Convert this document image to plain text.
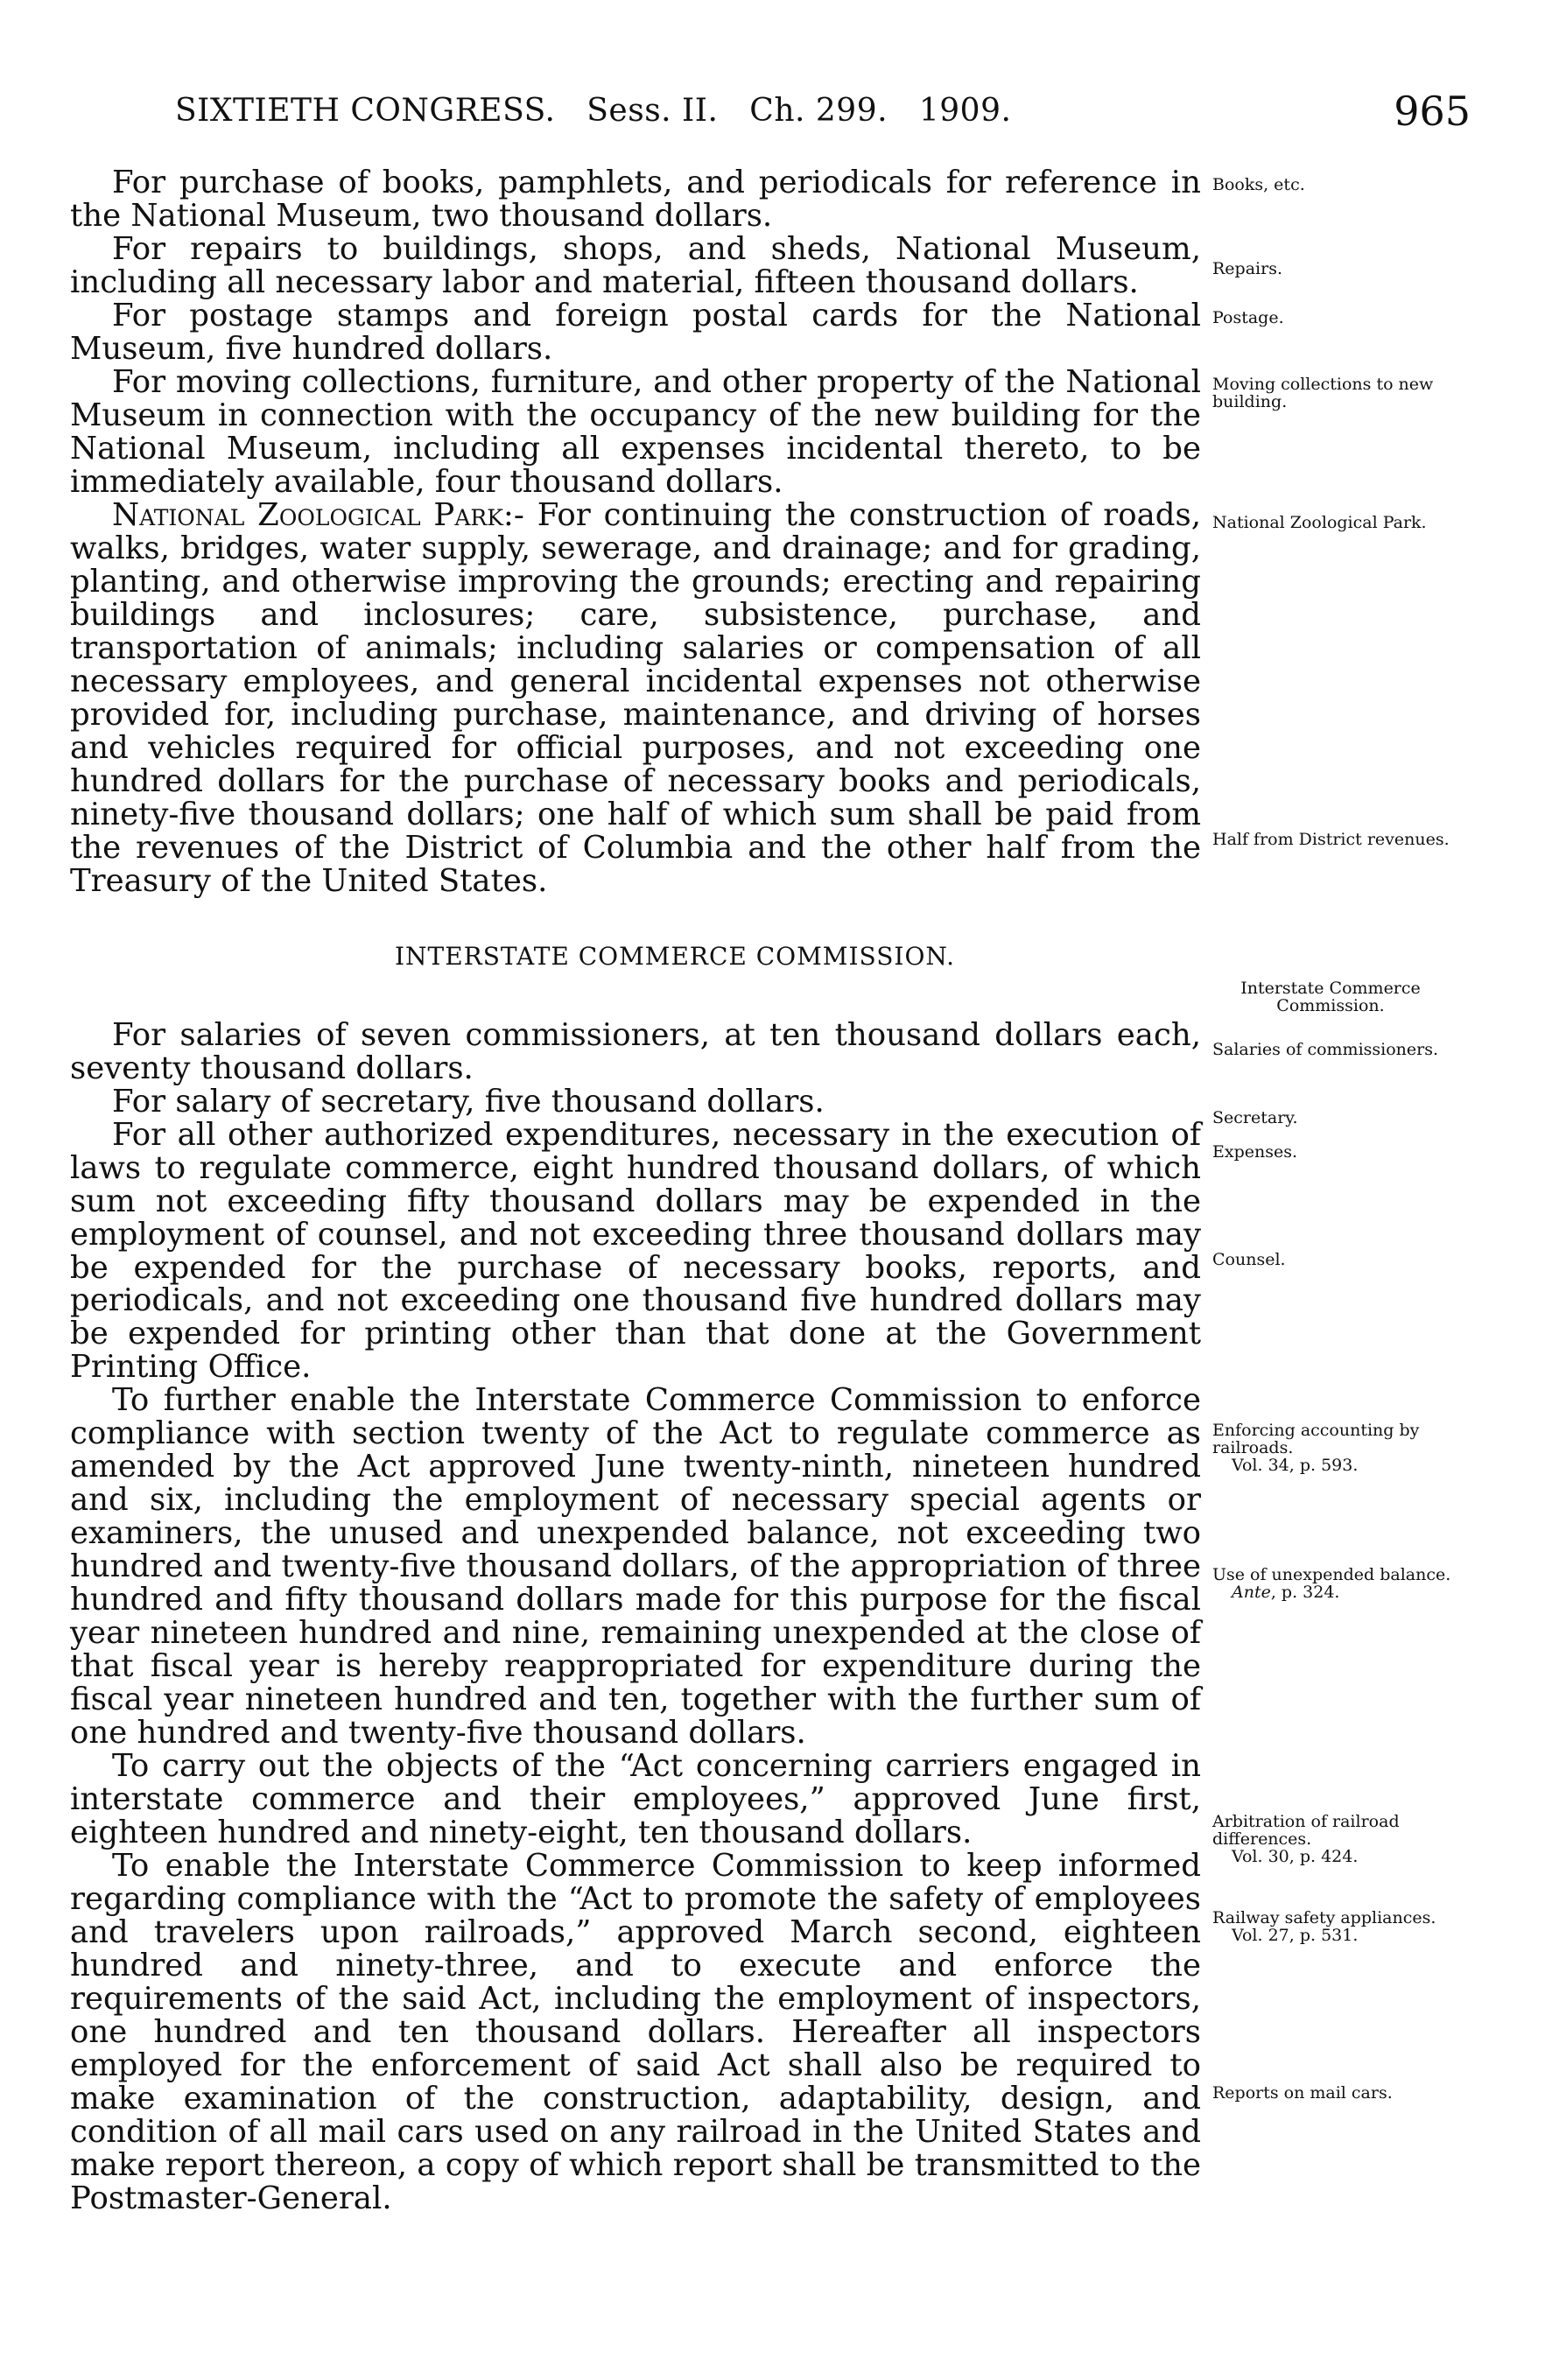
SIXTIETH CONGRESS.   Sess. II.   Ch. 299.   1909.	965

For purchase of books, pamphlets, and periodicals for reference in the National Museum, two thousand dollars.

For repairs to buildings, shops, and sheds, National Museum, including all necessary labor and material, fifteen thousand dollars.

For postage stamps and foreign postal cards for the National Museum, five hundred dollars.

For moving collections, furniture, and other property of the National Museum in connection with the occupancy of the new building for the National Museum, including all expenses incidental thereto, to be immediately available, four thousand dollars.

National Zoological Park:- For continuing the construction of roads, walks, bridges, water supply, sewerage, and drainage; and for grading, planting, and otherwise improving the grounds; erecting and repairing buildings and inclosures; care, subsistence, purchase, and transportation of animals; including salaries or compensation of all necessary employees, and general incidental expenses not otherwise provided for, including purchase, maintenance, and driving of horses and vehicles required for official purposes, and not exceeding one hundred dollars for the purchase of necessary books and periodicals, ninety-five thousand dollars; one half of which sum shall be paid from the revenues of the District of Columbia and the other half from the Treasury of the United States.

INTERSTATE COMMERCE COMMISSION.

For salaries of seven commissioners, at ten thousand dollars each, seventy thousand dollars.

For salary of secretary, five thousand dollars.

For all other authorized expenditures, necessary in the execution of laws to regulate commerce, eight hundred thousand dollars, of which sum not exceeding fifty thousand dollars may be expended in the employment of counsel, and not exceeding three thousand dollars may be expended for the purchase of necessary books, reports, and periodicals, and not exceeding one thousand five hundred dollars may be expended for printing other than that done at the Government Printing Office.

To further enable the Interstate Commerce Commission to enforce compliance with section twenty of the Act to regulate commerce as amended by the Act approved June twenty-ninth, nineteen hundred and six, including the employment of necessary special agents or examiners, the unused and unexpended balance, not exceeding two hundred and twenty-five thousand dollars, of the appropriation of three hundred and fifty thousand dollars made for this purpose for the fiscal year nineteen hundred and nine, remaining unexpended at the close of that fiscal year is hereby reappropriated for expenditure during the fiscal year nineteen hundred and ten, together with the further sum of one hundred and twenty-five thousand dollars.

To carry out the objects of the “Act concerning carriers engaged in interstate commerce and their employees,” approved June first, eighteen hundred and ninety-eight, ten thousand dollars.

To enable the Interstate Commerce Commission to keep informed regarding compliance with the “Act to promote the safety of employees and travelers upon railroads,” approved March second, eighteen hundred and ninety-three, and to execute and enforce the requirements of the said Act, including the employment of inspectors, one hundred and ten thousand dollars. Hereafter all inspectors employed for the enforcement of said Act shall also be required to make examination of the construction, adaptability, design, and condition of all mail cars used on any railroad in the United States and make report thereon, a copy of which report shall be transmitted to the Postmaster-General.

Books, etc.
Repairs.
Postage.
Moving collections to new building.
National Zoological Park.
Half from District revenues.
Interstate Commerce Commission.
Salaries of commissioners.
Secretary.
Expenses.
Counsel.
Enforcing accounting by railroads.
Vol. 34, p. 593.
Use of unexpended balance.
Ante, p. 324.
Arbitration of railroad differences.
Vol. 30, p. 424.
Railway safety appliances.
Vol. 27, p. 531.
Reports on mail cars.
